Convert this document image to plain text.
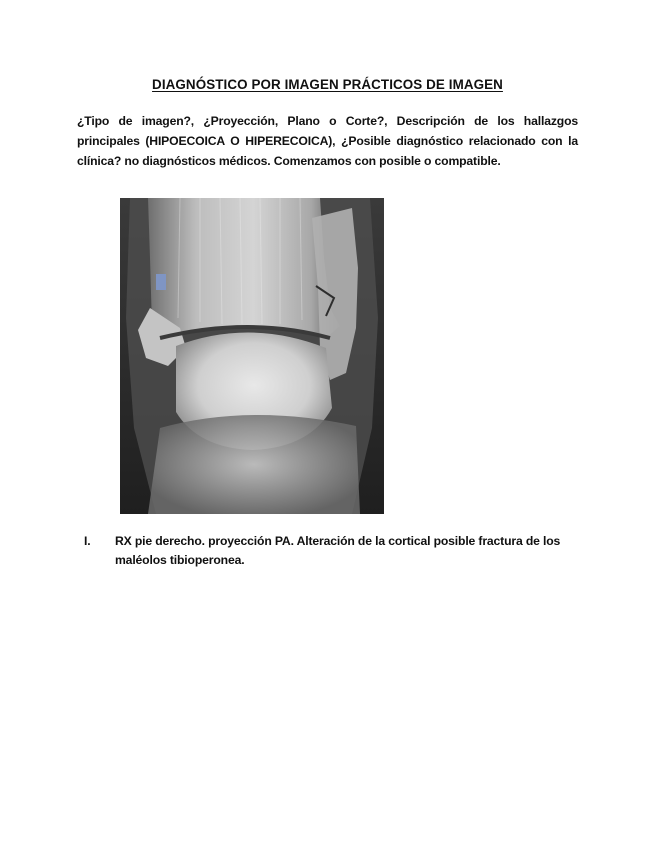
DIAGNÓSTICO POR IMAGEN PRÁCTICOS DE IMAGEN
¿Tipo de imagen?, ¿Proyección, Plano o Corte?, Descripción de los hallazgos principales (HIPOECOICA O HIPERECOICA), ¿Posible diagnóstico relacionado con la clínica? no diagnósticos médicos. Comenzamos con posible o compatible.
I.	RX pie derecho. proyección PA. Alteración de la cortical posible fractura de los maléolos tibioperonea.
